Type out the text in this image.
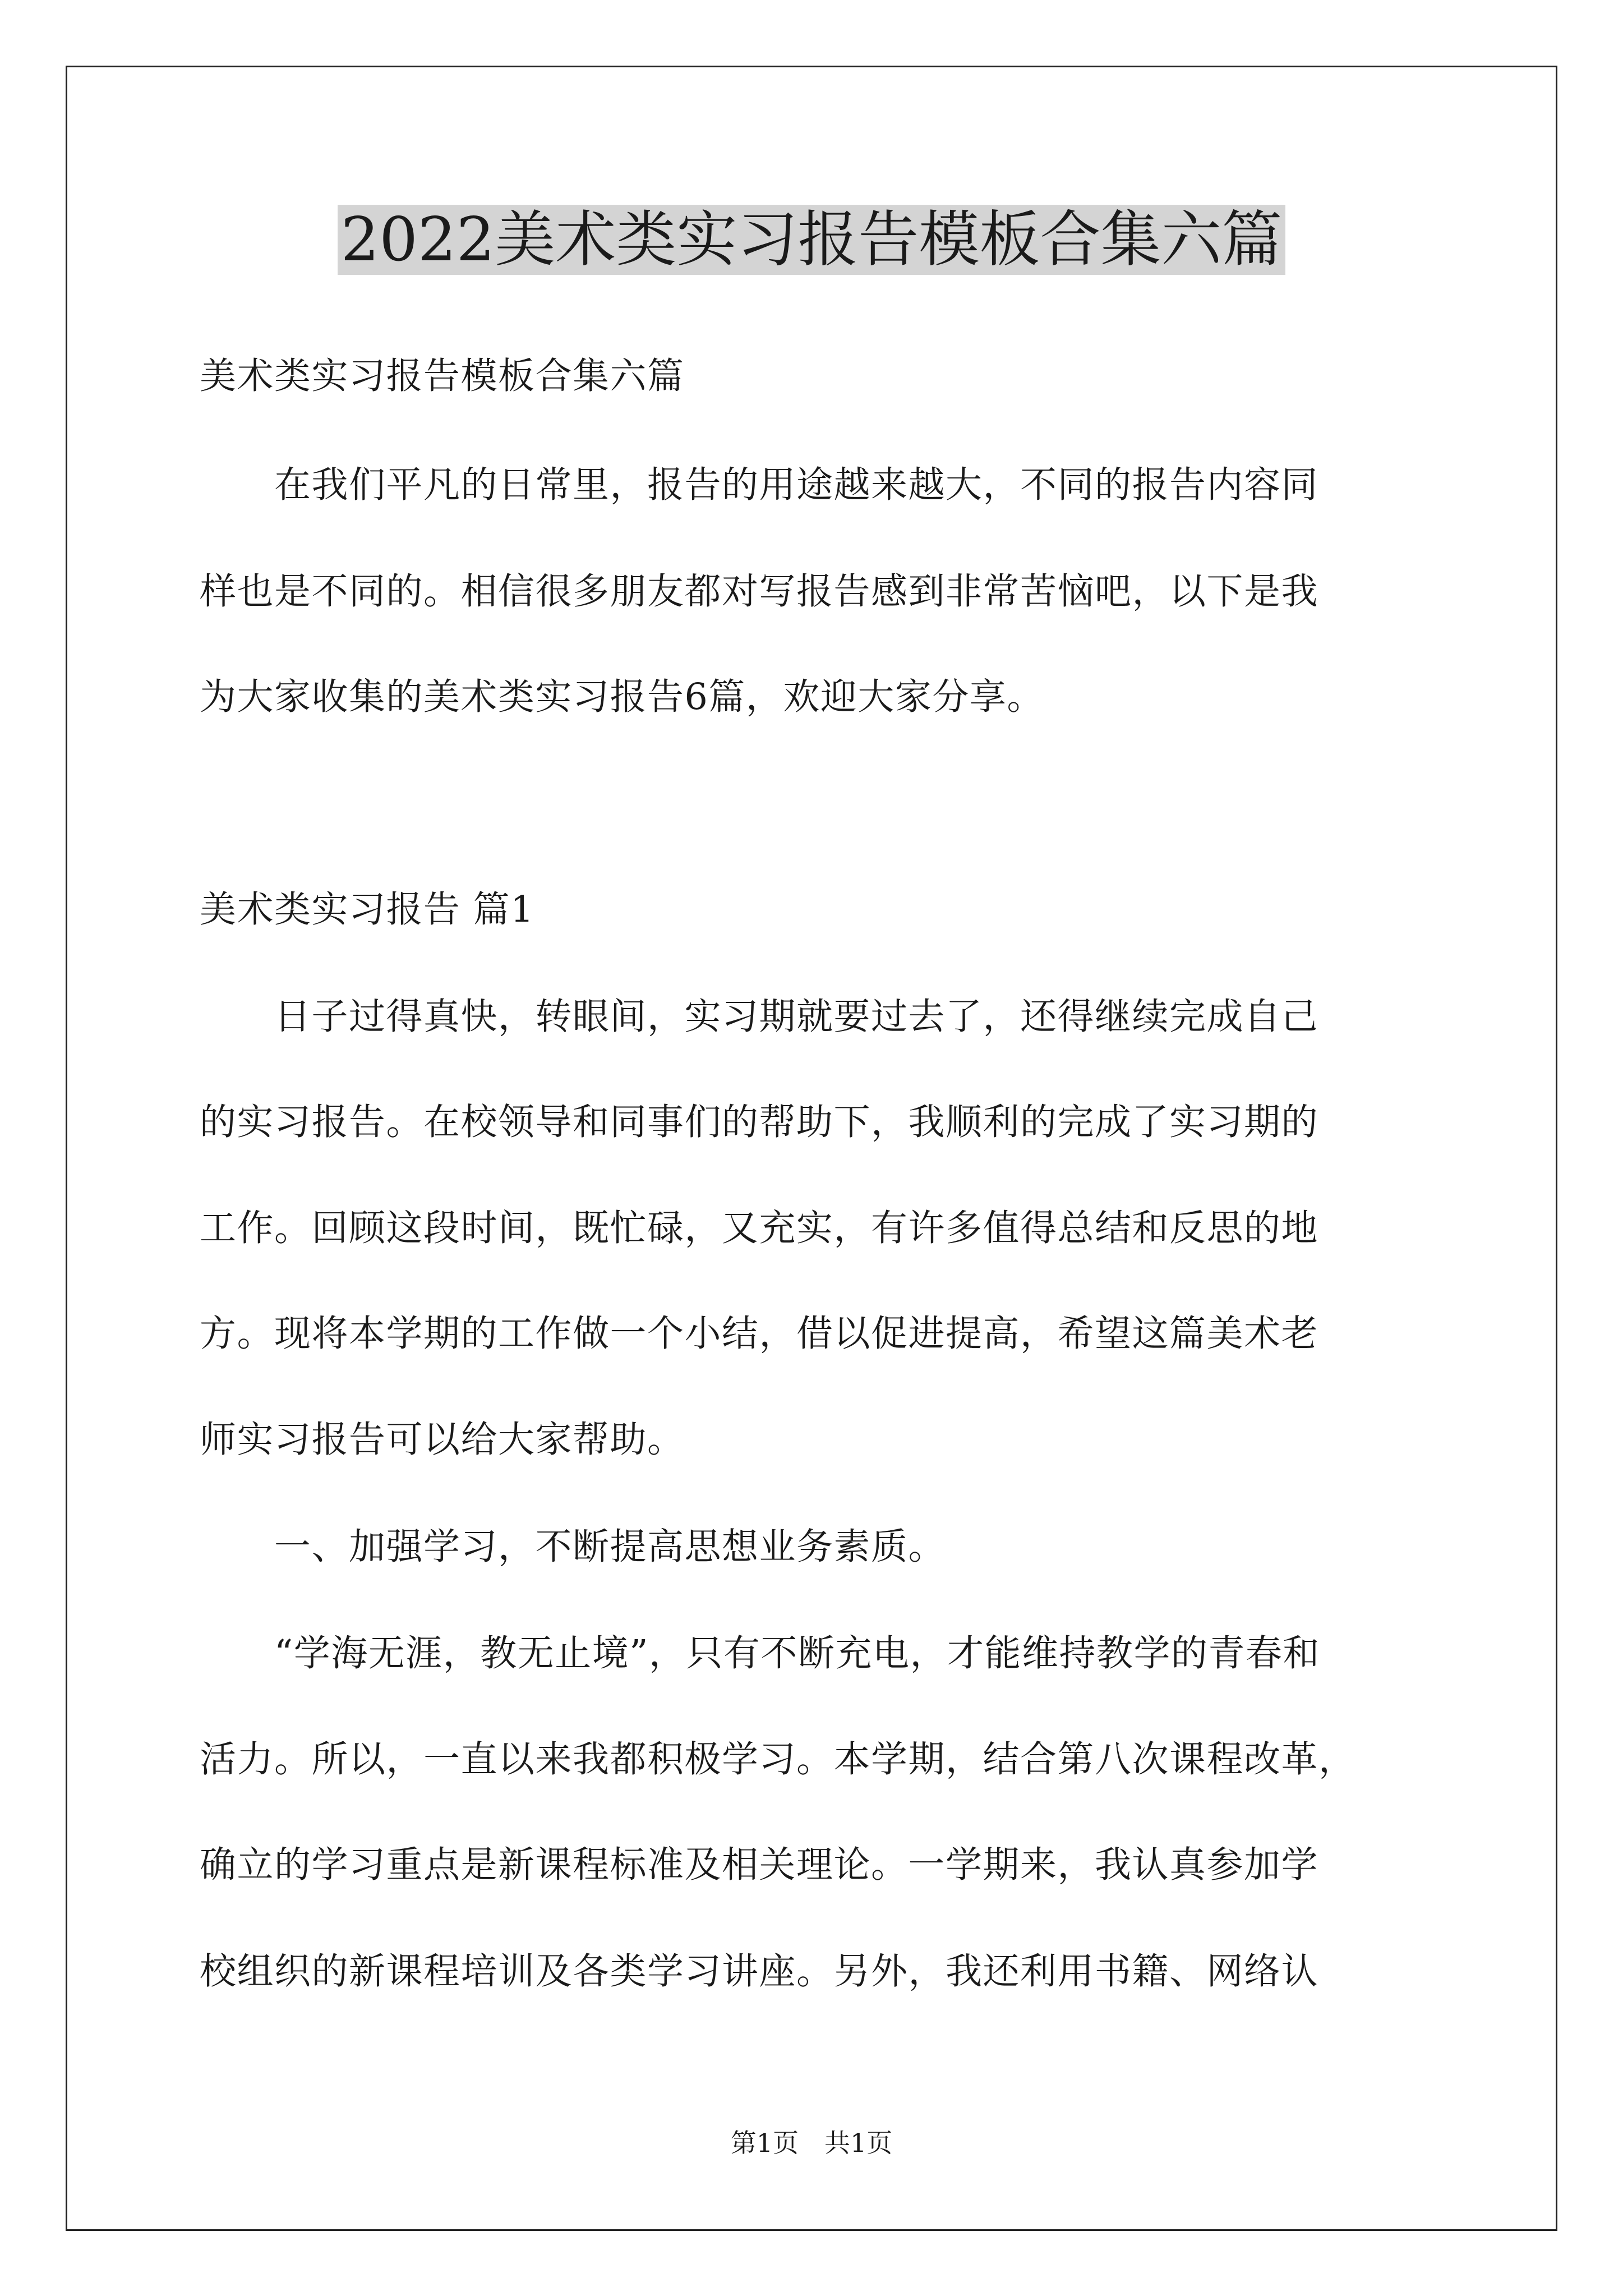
2022美术类实习报告模板合集六篇
美术类实习报告模板合集六篇
　　在我们平凡的日常里，报告的用途越来越大，不同的报告内容同
样也是不同的。相信很多朋友都对写报告感到非常苦恼吧，以下是我
为大家收集的美术类实习报告6篇，欢迎大家分享。
美术类实习报告 篇1
　　日子过得真快，转眼间，实习期就要过去了，还得继续完成自己
的实习报告。在校领导和同事们的帮助下，我顺利的完成了实习期的
工作。回顾这段时间，既忙碌，又充实，有许多值得总结和反思的地
方。现将本学期的工作做一个小结，借以促进提高，希望这篇美术老
师实习报告可以给大家帮助。
　　一、加强学习，不断提高思想业务素质。
　　“学海无涯，教无止境”，只有不断充电，才能维持教学的青春和
活力。所以，一直以来我都积极学习。本学期，结合第八次课程改革，
确立的学习重点是新课程标准及相关理论。一学期来，我认真参加学
校组织的新课程培训及各类学习讲座。另外，我还利用书籍、网络认
第1页　共1页
